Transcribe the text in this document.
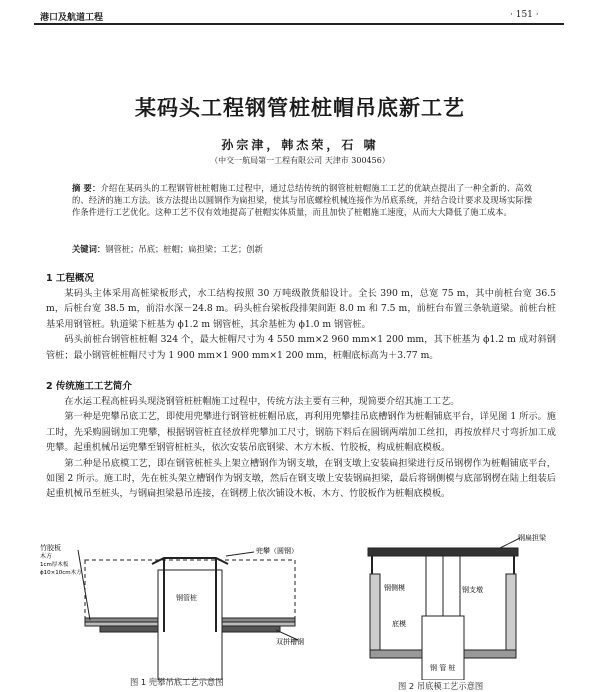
港口及航道工程	· 151 ·
某码头工程钢管桩桩帽吊底新工艺
孙宗津，韩杰荣，石 啸
（中交一航局第一工程有限公司 天津市 300456）
摘 要：介绍在某码头的工程钢管桩桩帽施工过程中，通过总结传统的钢管桩桩帽施工工艺的优缺点提出了一种全新的、高效的、经济的施工方法。该方法提出以圆钢作为扁担梁，使其与吊底螺栓机械连接作为吊底系统，并结合设计要求及现场实际操作条件进行工艺优化。这种工艺不仅有效地提高了桩帽实体质量，而且加快了桩帽施工速度，从而大大降低了施工成本。
关键词：钢管桩；吊底；桩帽；扁担梁；工艺；创新
1 工程概况

某码头主体采用高桩梁板形式，水工结构按照 30 万吨级散货船设计。全长 390 m，总宽 75 m，其中前桩台宽 36.5 m，后桩台宽 38.5 m，前沿水深－24.8 m。码头桩台梁板段排架间距 8.0 m 和 7.5 m，前桩台布置三条轨道梁。前桩台桩基采用钢管桩。轨道梁下桩基为 ϕ1.2 m 钢管桩，其余基桩为 ϕ1.0 m 钢管桩。

码头前桩台钢管桩桩帽 324 个，最大桩帽尺寸为 4 550 mm×2 960 mm×1 200 mm，其下桩基为 ϕ1.2 m 成对斜钢管桩；最小钢管桩桩帽尺寸为 1 900 mm×1 900 mm×1 200 mm，桩帽底标高为＋3.77 m。

2 传统施工工艺简介

在水运工程高桩码头现浇钢管桩桩帽施工过程中，传统方法主要有三种，现简要介绍其施工工艺。

第一种是兜攀吊底工艺，即使用兜攀进行钢管桩桩帽吊底，再利用兜攀挂吊底槽钢作为桩帽铺底平台，详见图 1 所示。施工时，先采购圆钢加工兜攀，根据钢管桩直径放样兜攀加工尺寸，钢筋下料后在圆钢两端加工丝扣，再按放样尺寸弯折加工成兜攀。起重机械吊运兜攀至钢管桩桩头，依次安装吊底钢梁、木方木板、竹胶板，构成桩帽底模板。

第二种是吊底模工艺，即在钢管桩桩头上架立槽钢作为钢支墩，在钢支墩上安装扁担梁进行反吊钢楞作为桩帽铺底平台，如图 2 所示。施工时，先在桩头架立槽钢作为钢支墩，然后在钢支墩上安装钢扁担梁，最后将钢侧模与底部钢楞在陆上组装后起重机械吊至桩头，与钢扁担梁悬吊连接，在钢楞上依次铺设木板、木方、竹胶板作为桩帽底模板。

竹胶板
木方
1cm厚木板
ϕ10×10cm木方
兜攀（圆钢）
钢管桩
双拼槽钢
图 1 兜攀吊底工艺示意图
钢扁担梁
钢侧模	钢支墩
底模
钢 管 桩
图 2 吊底模工艺示意图
